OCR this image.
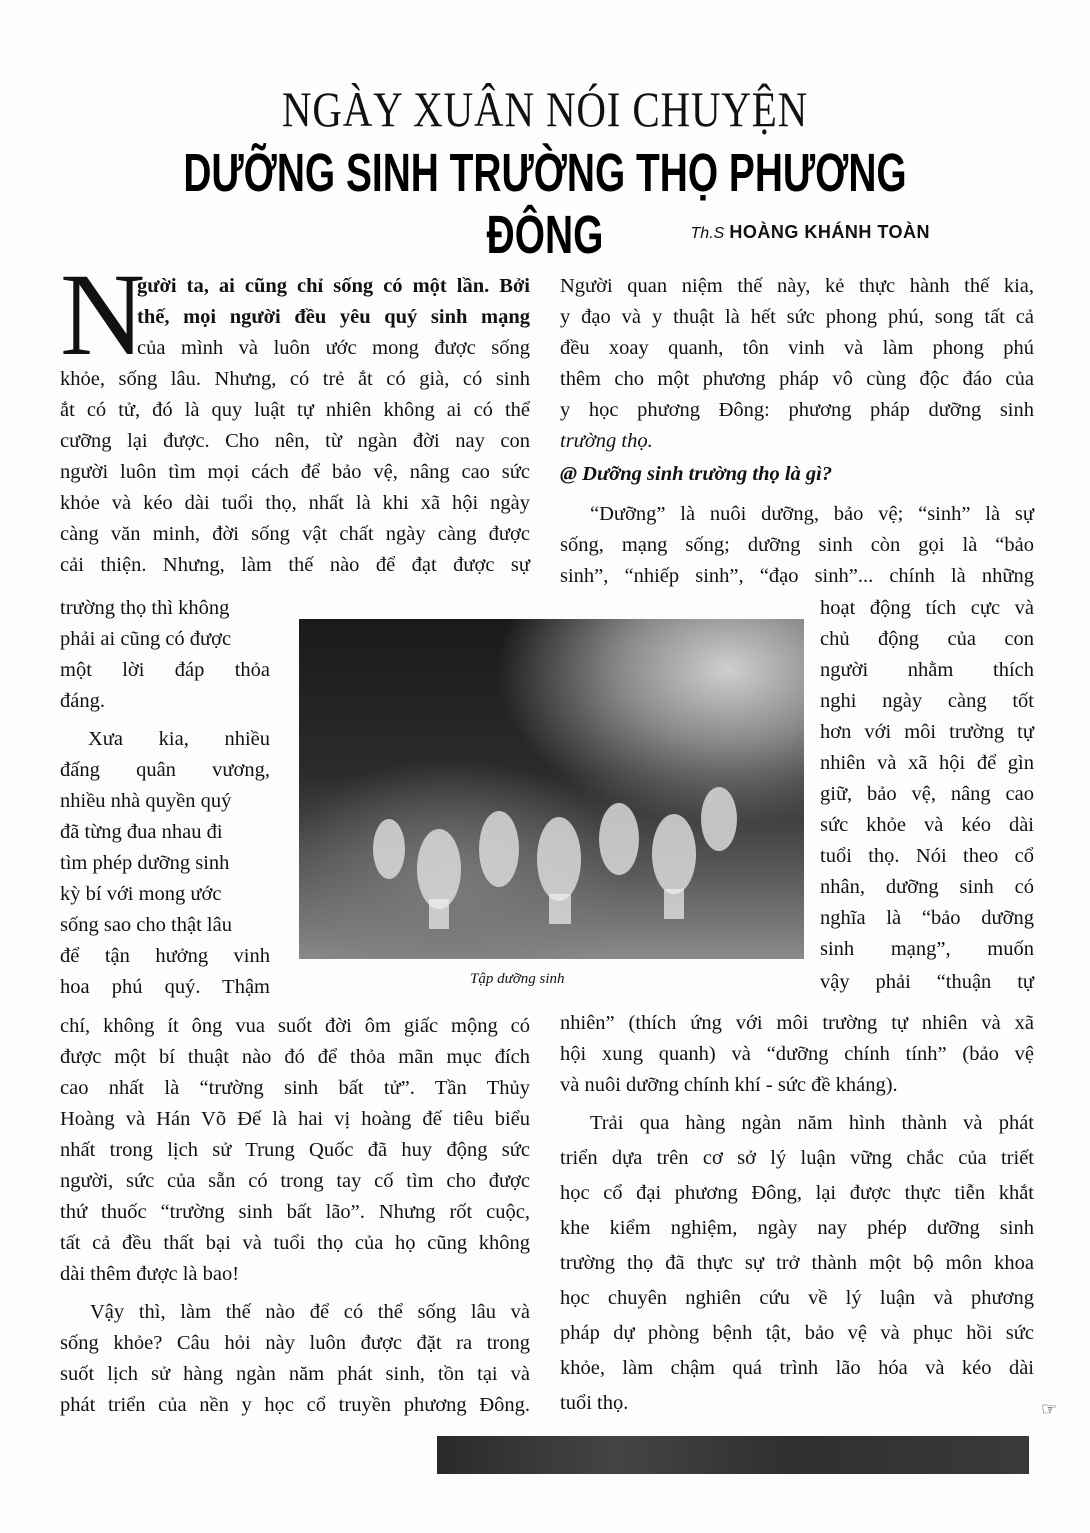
NGÀY XUÂN NÓI CHUYỆN
DƯỠNG SINH TRƯỜNG THỌ PHƯƠNG ĐÔNG	Th.S HOÀNG KHÁNH TOÀN
N
gười ta, ai cũng chỉ sống có một lần. Bởi
thế, mọi người đều yêu quý sinh mạng
của mình và luôn ước mong được sống
khỏe, sống lâu. Nhưng, có trẻ ắt có già, có sinh
ắt có tử, đó là quy luật tự nhiên không ai có thể
cưỡng lại được. Cho nên, từ ngàn đời nay con
người luôn tìm mọi cách để bảo vệ, nâng cao sức
khỏe và kéo dài tuổi thọ, nhất là khi xã hội ngày
càng văn minh, đời sống vật chất ngày càng được
cải thiện. Nhưng, làm thế nào để đạt được sự
trường thọ thì không
phải ai cũng có được
một lời đáp thỏa
đáng.
Xưa kia, nhiều
đấng quân vương,
nhiều nhà quyền quý
đã từng đua nhau đi
tìm phép dưỡng sinh
kỳ bí với mong ước
sống sao cho thật lâu
để tận hưởng vinh
hoa phú quý. Thậm
chí, không ít ông vua suốt đời ôm giấc mộng có
được một bí thuật nào đó để thỏa mãn mục đích
cao nhất là “trường sinh bất tử”. Tần Thủy
Hoàng và Hán Võ Đế là hai vị hoàng đế tiêu biểu
nhất trong lịch sử Trung Quốc đã huy động sức
người, sức của sẵn có trong tay cố tìm cho được
thứ thuốc “trường sinh bất lão”. Nhưng rốt cuộc,
tất cả đều thất bại và tuổi thọ của họ cũng không
dài thêm được là bao!
Vậy thì, làm thế nào để có thể sống lâu và
sống khỏe? Câu hỏi này luôn được đặt ra trong
suốt lịch sử hàng ngàn năm phát sinh, tồn tại và
phát triển của nền y học cổ truyền phương Đông.
Tập dưỡng sinh
Người quan niệm thế này, kẻ thực hành thế kia,
y đạo và y thuật là hết sức phong phú, song tất cả
đều xoay quanh, tôn vinh và làm phong phú
thêm cho một phương pháp vô cùng độc đáo của
y học phương Đông: phương pháp dưỡng sinh
trường thọ.
@ Dưỡng sinh trường thọ là gì?
“Dưỡng” là nuôi dưỡng, bảo vệ; “sinh” là sự
sống, mạng sống; dưỡng sinh còn gọi là “bảo
sinh”, “nhiếp sinh”, “đạo sinh”... chính là những
hoạt động tích cực và
chủ động của con
người nhằm thích
nghi ngày càng tốt
hơn với môi trường tự
nhiên và xã hội để gìn
giữ, bảo vệ, nâng cao
sức khỏe và kéo dài
tuổi thọ. Nói theo cổ
nhân, dưỡng sinh có
nghĩa là “bảo dưỡng
sinh mạng”, muốn
vậy phải “thuận tự
nhiên” (thích ứng với môi trường tự nhiên và xã
hội xung quanh) và “dưỡng chính tính” (bảo vệ
và nuôi dưỡng chính khí - sức đề kháng).
Trải qua hàng ngàn năm hình thành và phát
triển dựa trên cơ sở lý luận vững chắc của triết
học cổ đại phương Đông, lại được thực tiễn khắt
khe kiểm nghiệm, ngày nay phép dưỡng sinh
trường thọ đã thực sự trở thành một bộ môn khoa
học chuyên nghiên cứu về lý luận và phương
pháp dự phòng bệnh tật, bảo vệ và phục hồi sức
khỏe, làm chậm quá trình lão hóa và kéo dài
tuổi thọ.	☞
